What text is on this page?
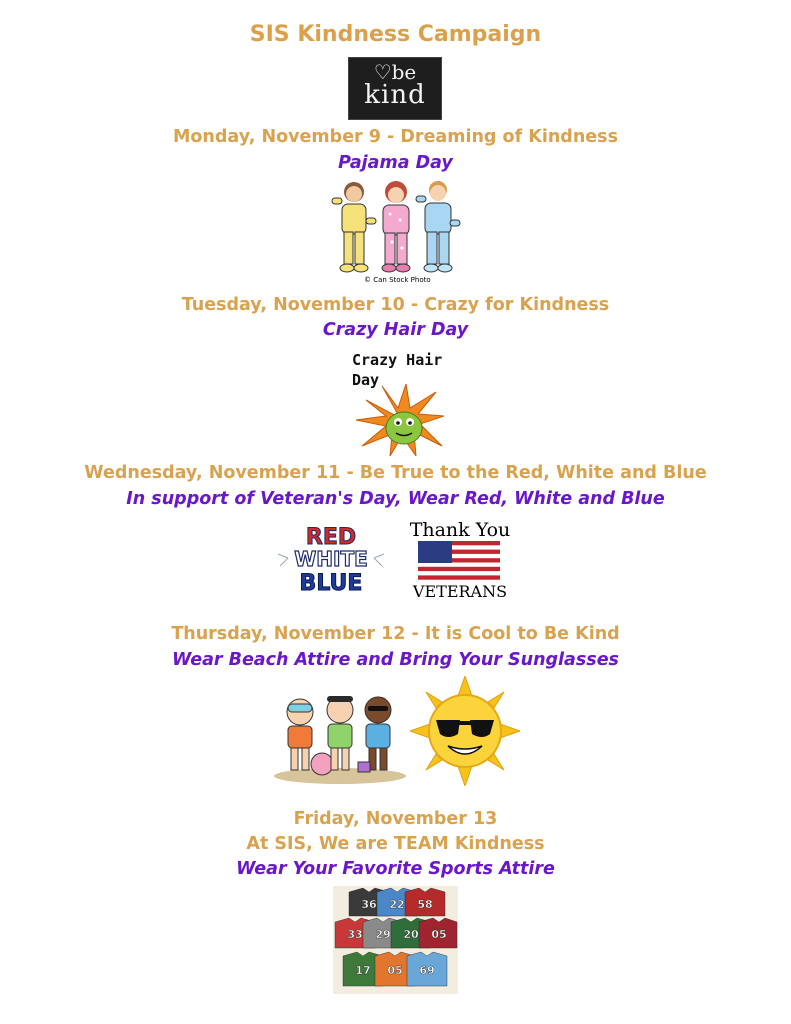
SIS Kindness Campaign
♡be
kind
Monday, November 9 - Dreaming of Kindness
Pajama Day
© Can Stock Photo
Tuesday, November 10 - Crazy for Kindness
Crazy Hair Day
Crazy Hair
Day
Wednesday, November 11 - Be True to the Red, White and Blue
In support of Veteran's Day, Wear Red, White and Blue
RED
WHITE
BLUE
Thank You
VETERANS
Thursday, November 12 - It is Cool to Be Kind
Wear Beach Attire and Bring Your Sunglasses
Friday, November 13
At SIS, We are TEAM Kindness
Wear Your Favorite Sports Attire
36 22 58
33 29 20 05
17 05 69
